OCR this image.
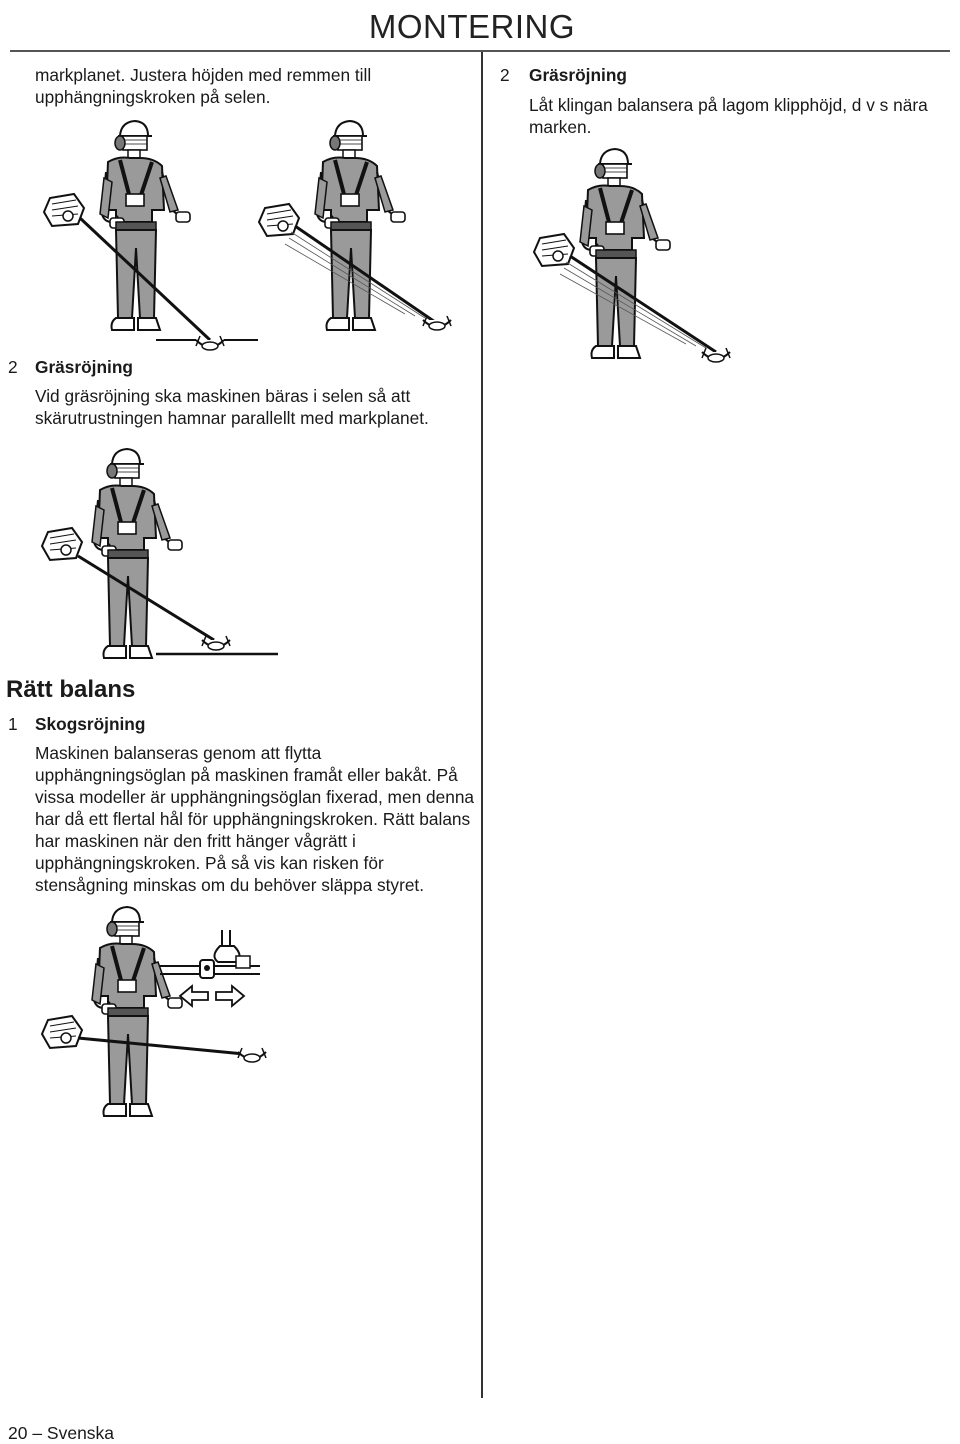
MONTERING
markplanet. Justera höjden med remmen till upphängningskroken på selen.
2 Gräsröjning
Låt klingan balansera på lagom klipphöjd, d v s nära marken.
2 Gräsröjning
Vid gräsröjning ska maskinen bäras i selen så att skärutrustningen hamnar parallellt med markplanet.
Rätt balans
1 Skogsröjning
Maskinen balanseras genom att flytta upphängningsöglan på maskinen framåt eller bakåt. På vissa modeller är upphängningsöglan fixerad, men denna har då ett flertal hål för upphängningskroken. Rätt balans har maskinen när den fritt hänger vågrätt i upphängningskroken. På så vis kan risken för stensågning minskas om du behöver släppa styret.
20 – Svenska
